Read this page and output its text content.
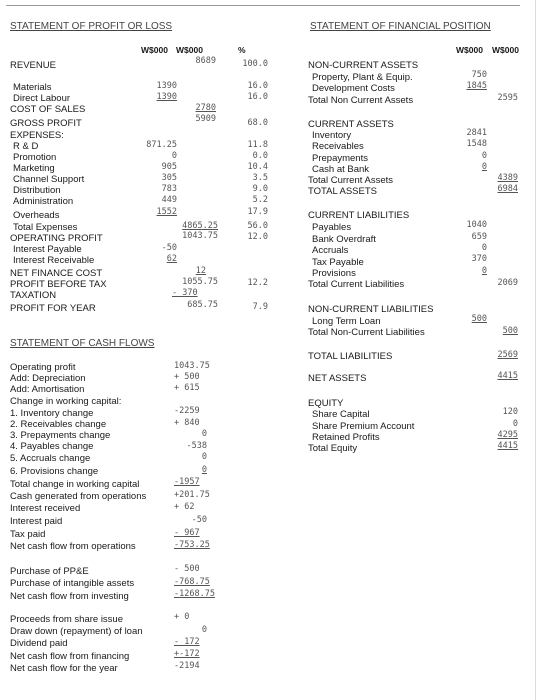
STATEMENT OF PROFIT OR LOSS
W$000 W$000	%
REVENUE	8689	100.0
Materials	1390	16.0
Direct Labour	1390	16.0
COST OF SALES	2780
GROSS PROFIT	5909	68.0
EXPENSES:
R & D	871.25	11.8
Promotion	0	0.0
Marketing	905	10.4
Channel Support	305	3.5
Distribution	783	9.0
Administration	449	5.2
Overheads	1552	17.9
Total Expenses	4865.25	56.0
OPERATING PROFIT	1043.75	12.0
Interest Payable	-50
Interest Receivable	62
NET FINANCE COST	12
PROFIT BEFORE TAX	1055.75	12.2
TAXATION	- 370
PROFIT FOR YEAR	685.75	7.9
STATEMENT OF CASH FLOWS
Operating profit	1043.75
Add: Depreciation	+ 500
Add: Amortisation	+ 615
Change in working capital:
1. Inventory change	-2259
2. Receivables change	+ 840
3. Prepayments change	0
4. Payables change	-538
5. Accruals change	0
6. Provisions change	0
Total change in working capital	-1957
Cash generated from operations	+201.75
Interest received	+ 62
Interest paid	-50
Tax paid	- 967
Net cash flow from operations	-753.25
Purchase of PP&E	- 500
Purchase of intangible assets	-768.75
Net cash flow from investing	-1268.75
Proceeds from share issue	+ 0
Draw down (repayment) of loan	0
Dividend paid	- 172
Net cash flow from financing	+-172
Net cash flow for the year	-2194
STATEMENT OF FINANCIAL POSITION
W$000 W$000
NON-CURRENT ASSETS
Property, Plant & Equip.	750
Development Costs	1845
Total Non Current Assets	2595
CURRENT ASSETS
Inventory	2841
Receivables	1548
Prepayments	0
Cash at Bank	0
Total Current Assets	4389
TOTAL ASSETS	6984
CURRENT LIABILITIES
Payables	1040
Bank Overdraft	659
Accruals	0
Tax Payable	370
Provisions	0
Total Current Liabilities	2069
NON-CURRENT LIABILITIES
Long Term Loan	500
Total Non-Current Liabilities	500
TOTAL LIABILITIES	2569
NET ASSETS	4415
EQUITY
Share Capital	120
Share Premium Account	0
Retained Profits	4295
Total Equity	4415
